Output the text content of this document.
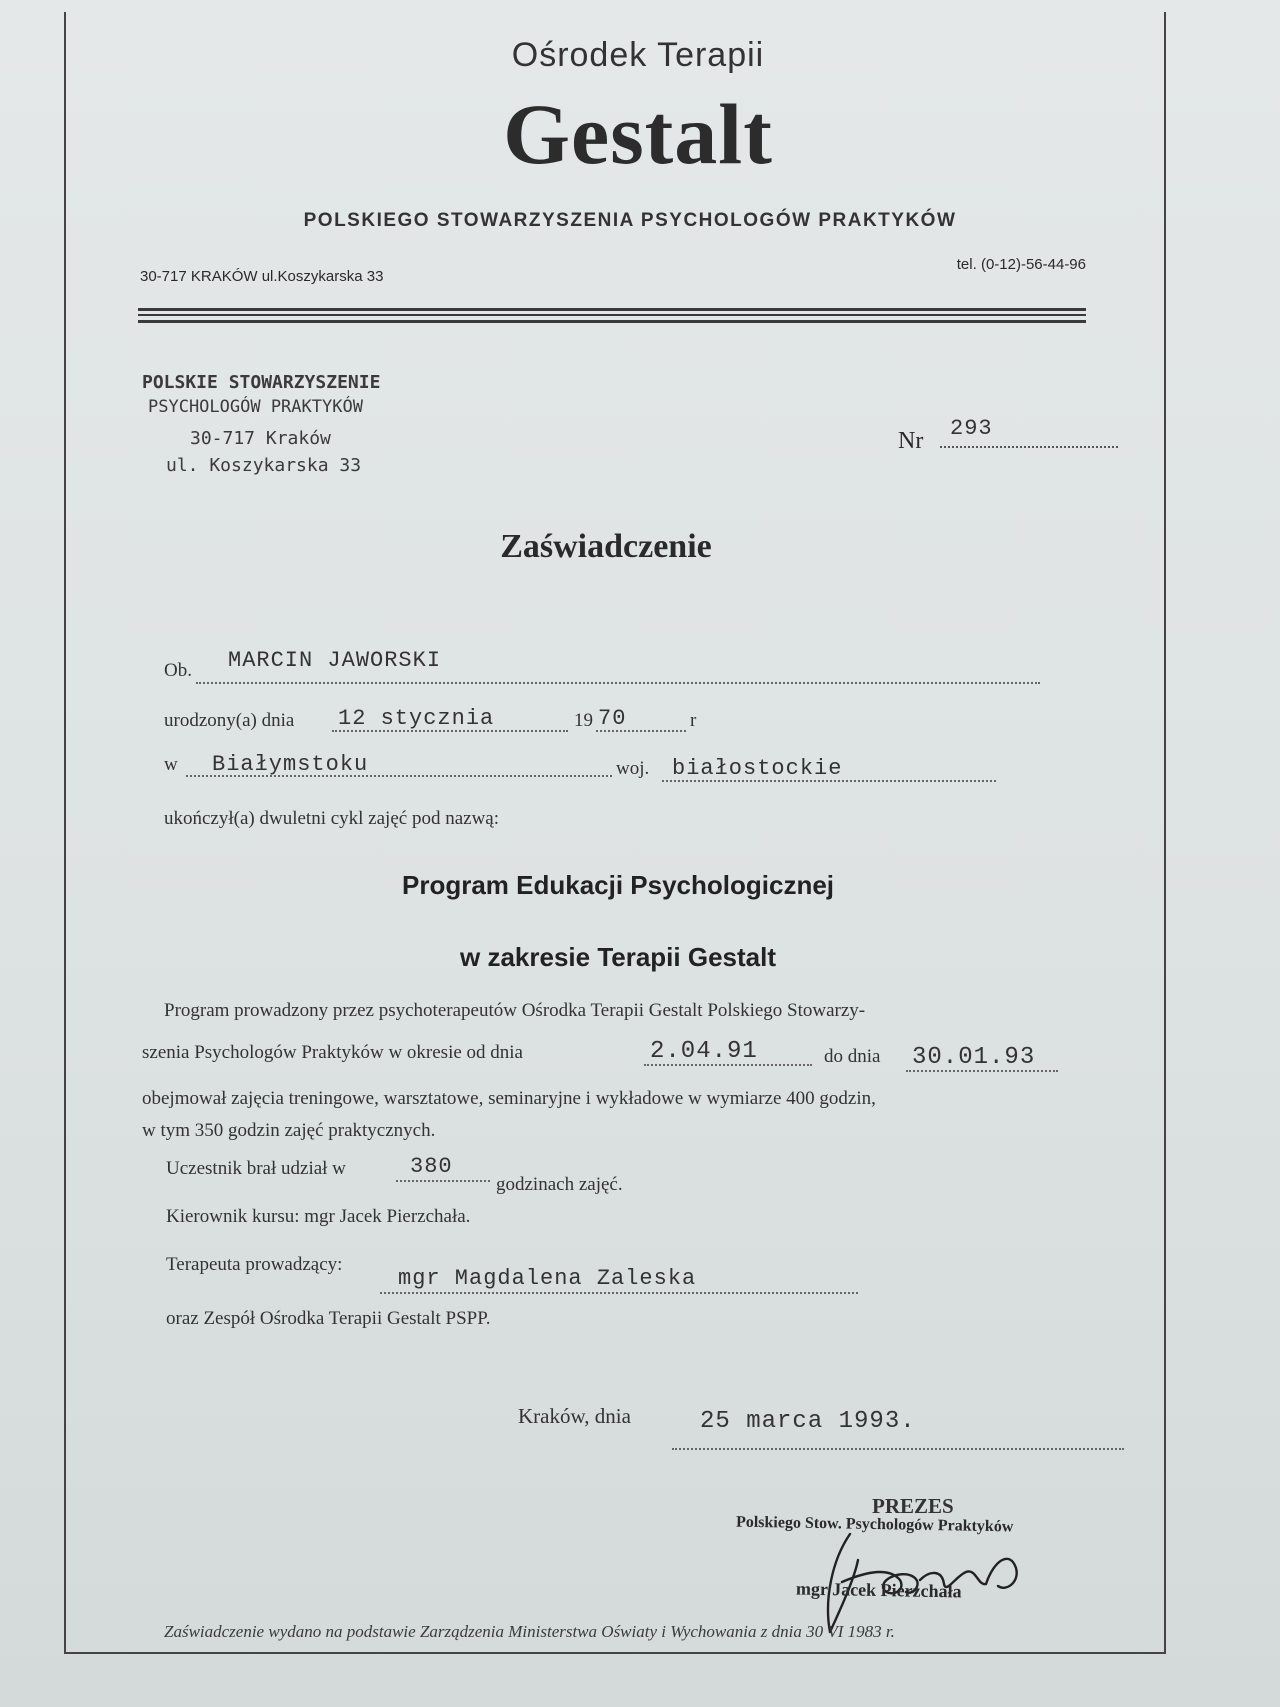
Ośrodek Terapii
Gestalt
POLSKIEGO STOWARZYSZENIA PSYCHOLOGÓW PRAKTYKÓW
30-717 KRAKÓW ul.Koszykarska 33
tel. (0-12)-56-44-96
POLSKIE STOWARZYSZENIE
PSYCHOLOGÓW PRAKTYKÓW
30-717 Kraków
ul. Koszykarska 33
Nr 293
Zaświadczenie
Ob. MARCIN JAWORSKI
urodzony(a) dnia 12 stycznia	19 70	r
w Białymstoku	woj. białostockie
ukończył(a) dwuletni cykl zajęć pod nazwą:
Program Edukacji Psychologicznej
w zakresie Terapii Gestalt
Program prowadzony przez psychoterapeutów Ośrodka Terapii Gestalt Polskiego Stowarzy-
szenia Psychologów Praktyków w okresie od dnia	2.04.91	do dnia 30.01.93
obejmował zajęcia treningowe, warsztatowe, seminaryjne i wykładowe w wymiarze 400 godzin,
w tym 350 godzin zajęć praktycznych.
Uczestnik brał udział w	380
godzinach zajęć.
Kierownik kursu: mgr Jacek Pierzchała.
Terapeuta prowadzący:
mgr Magdalena Zaleska
oraz Zespół Ośrodka Terapii Gestalt PSPP.
Kraków, dnia	25 marca 1993.
PREZES
Polskiego Stow. Psychologów Praktyków
mgr Jacek Pierzchała
Zaświadczenie wydano na podstawie Zarządzenia Ministerstwa Oświaty i Wychowania z dnia 30 VI 1983 r.
